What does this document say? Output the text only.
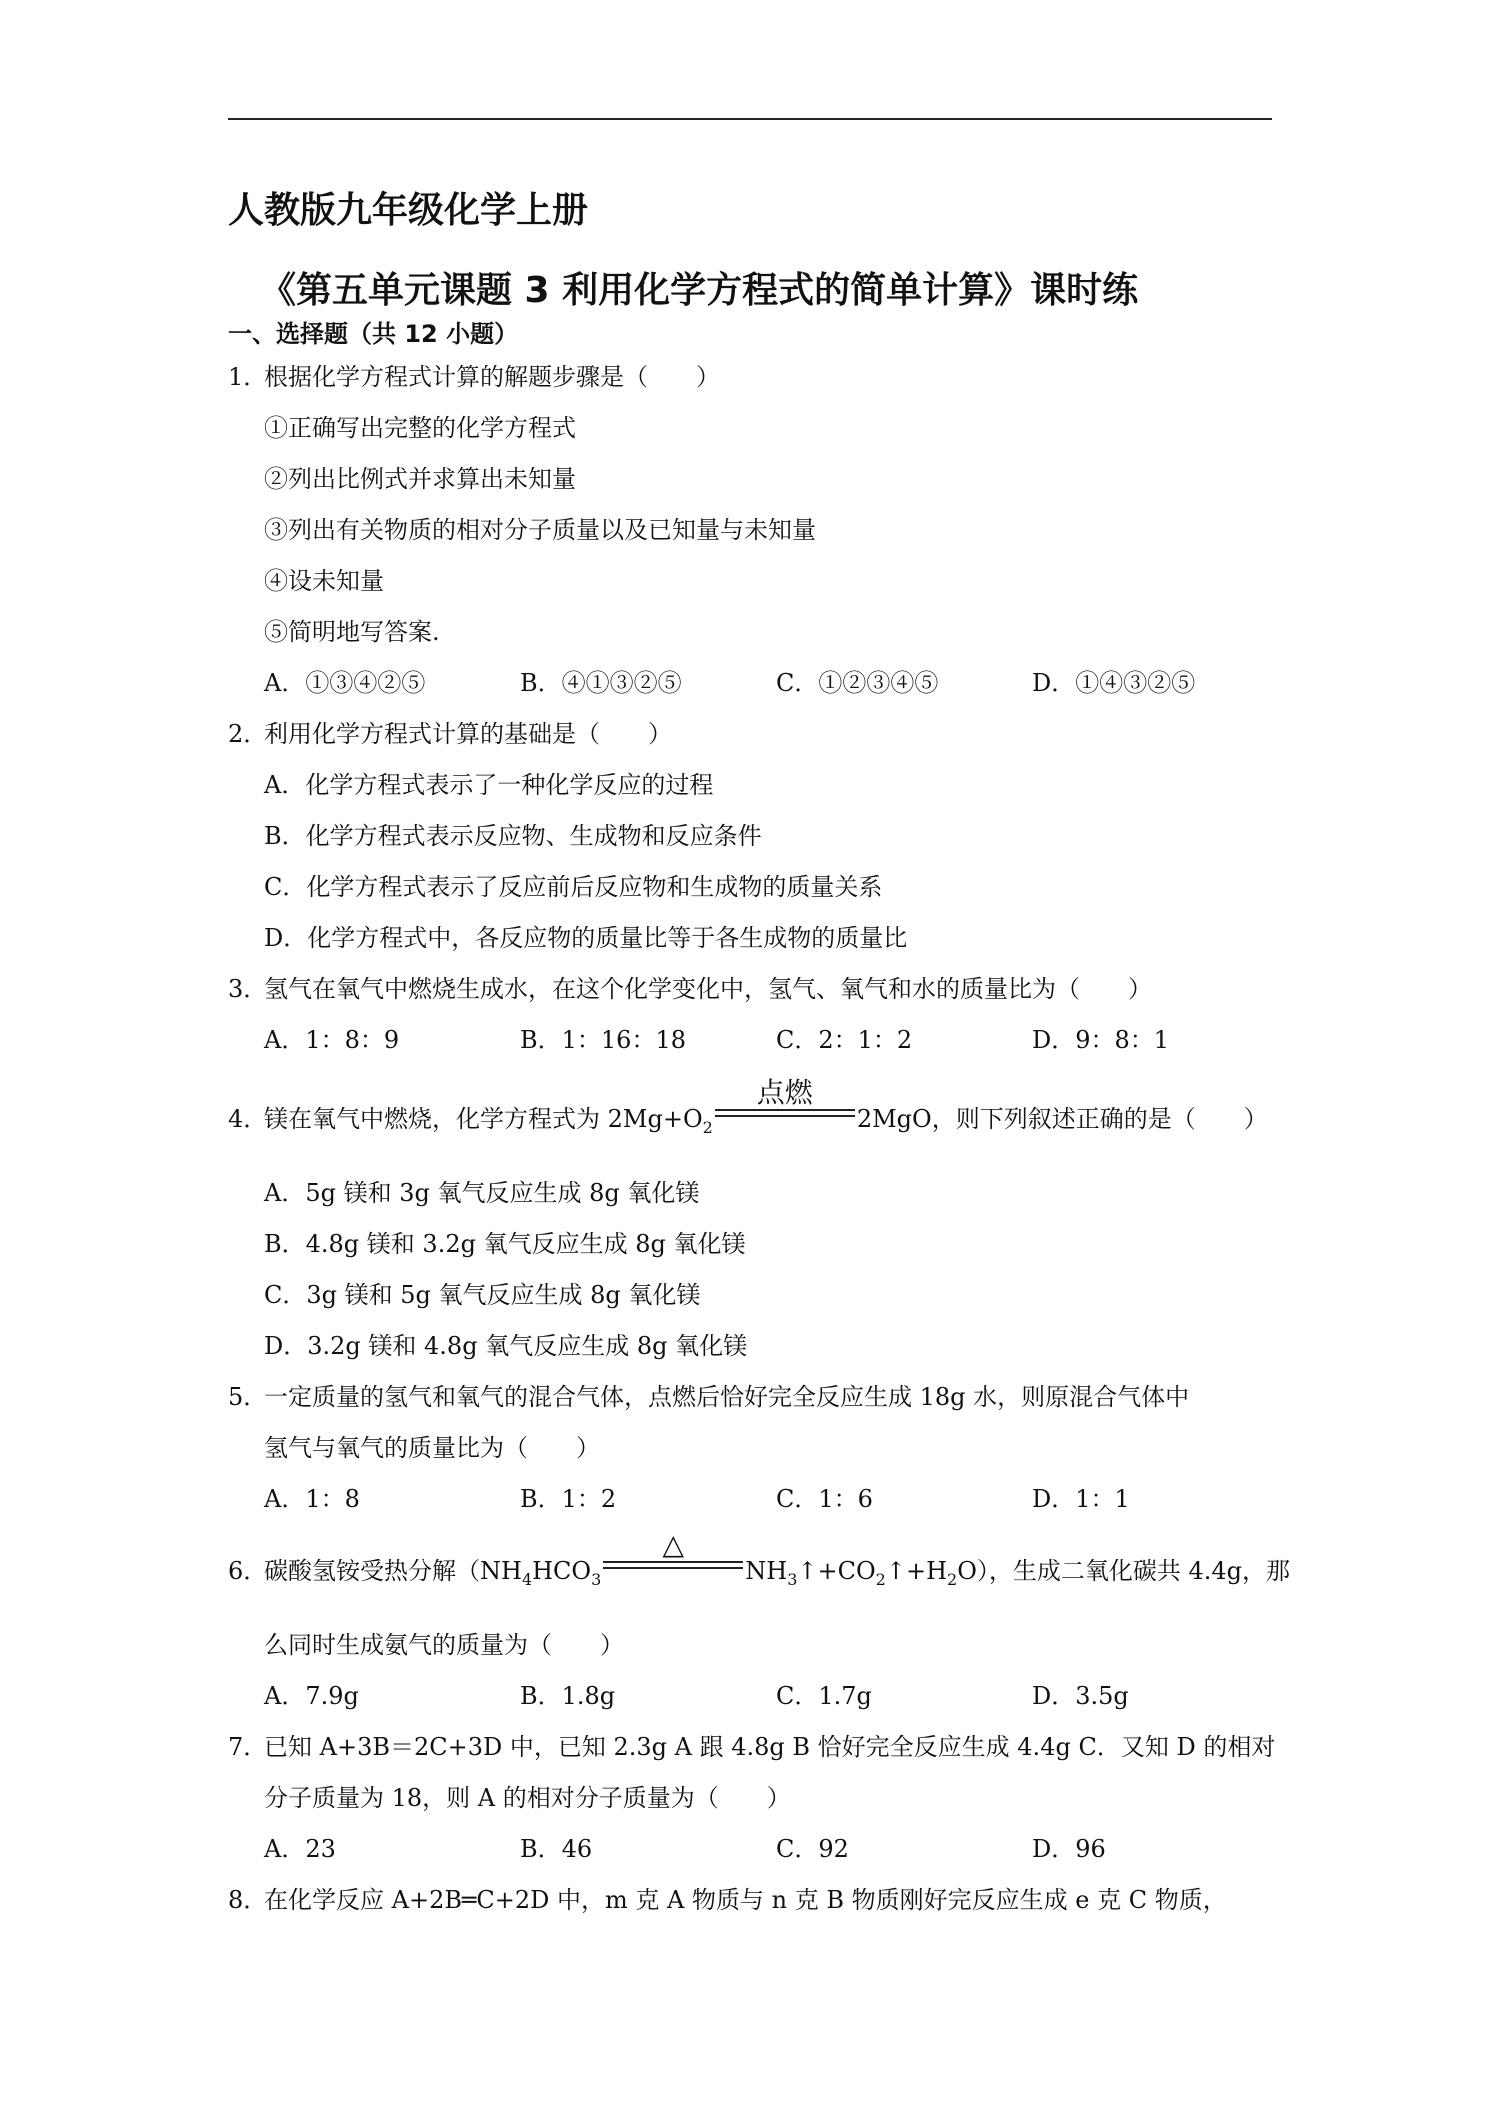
人教版九年级化学上册
《第五单元课题 3 利用化学方程式的简单计算》课时练
一、选择题（共 12 小题）
1．根据化学方程式计算的解题步骤是（　　）
①正确写出完整的化学方程式
②列出比例式并求算出未知量
③列出有关物质的相对分子质量以及已知量与未知量
④设未知量
⑤简明地写答案.
A．①③④②⑤	B．④①③②⑤	C．①②③④⑤	D．①④③②⑤
2．利用化学方程式计算的基础是（　　）
A．化学方程式表示了一种化学反应的过程
B．化学方程式表示反应物、生成物和反应条件
C．化学方程式表示了反应前后反应物和生成物的质量关系
D．化学方程式中，各反应物的质量比等于各生成物的质量比
3．氢气在氧气中燃烧生成水，在这个化学变化中，氢气、氧气和水的质量比为（　　）
A．1：8：9	B．1：16：18	C．2：1：2	D．9：8：1
4．镁在氧气中燃烧，化学方程式为 $2Mg+O_2$
点燃
2MgO，则下列叙述正确的是（　　）
A．5g 镁和 3g 氧气反应生成 8g 氧化镁
B．4.8g 镁和 3.2g 氧气反应生成 8g 氧化镁
C．3g 镁和 5g 氧气反应生成 8g 氧化镁
D．3.2g 镁和 4.8g 氧气反应生成 8g 氧化镁
5．一定质量的氢气和氧气的混合气体，点燃后恰好完全反应生成 18g 水，则原混合气体中
氢气与氧气的质量比为（　　）
A．1：8	B．1：2	C．1：6	D．1：1
6．碳酸氢铵受热分解（$NH_4HCO_3$
△
$NH_3↑+CO_2↑+H_2O$），生成二氧化碳共 4.4g，那
么同时生成氨气的质量为（　　）
A．7.9g	B．1.8g	C．1.7g	D．3.5g
7．已知 A+3B＝2C+3D 中，已知 2.3g A 跟 4.8g B 恰好完全反应生成 4.4g C．又知 D 的相对
分子质量为 18，则 A 的相对分子质量为（　　）
A．23	B．46	C．92	D．96
8．在化学反应 A+2B═C+2D 中，m 克 A 物质与 n 克 B 物质刚好完反应生成 e 克 C 物质，
